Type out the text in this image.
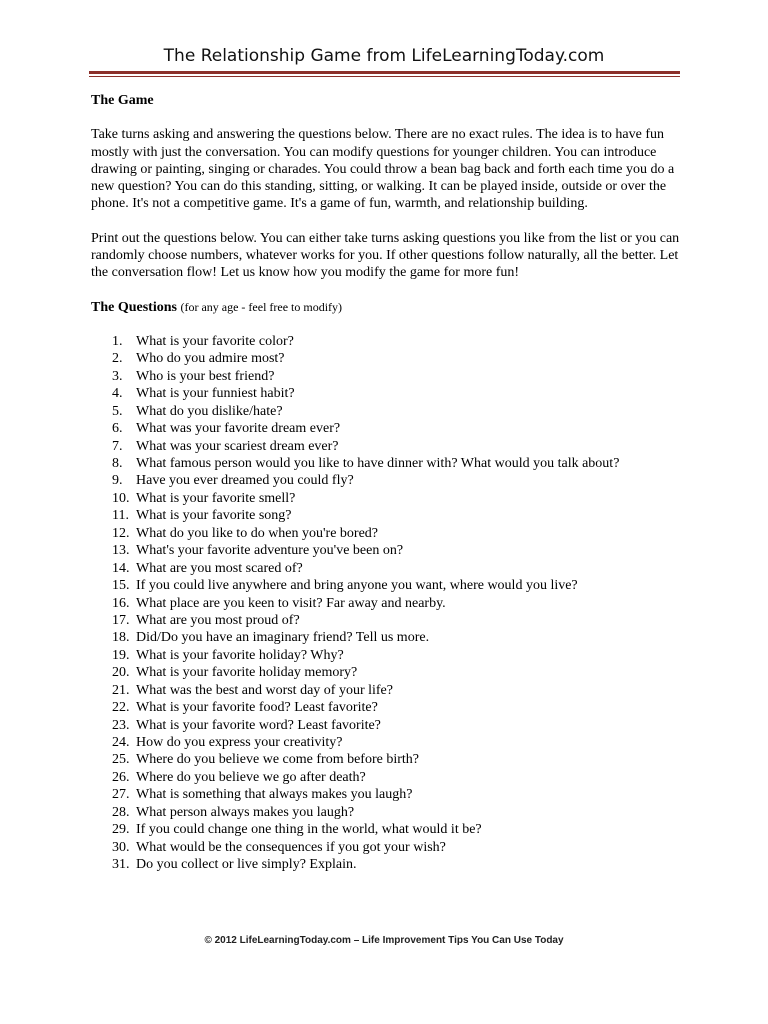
The Relationship Game from LifeLearningToday.com

The Game

Take turns asking and answering the questions below. There are no exact rules. The idea is to have fun mostly with just the conversation. You can modify questions for younger children. You can introduce drawing or painting, singing or charades. You could throw a bean bag back and forth each time you do a new question? You can do this standing, sitting, or walking. It can be played inside, outside or over the phone. It's not a competitive game. It's a game of fun, warmth, and relationship building.

Print out the questions below. You can either take turns asking questions you like from the list or you can randomly choose numbers, whatever works for you. If other questions follow naturally, all the better. Let the conversation flow! Let us know how you modify the game for more fun!

The Questions (for any age - feel free to modify)

1. What is your favorite color?
2. Who do you admire most?
3. Who is your best friend?
4. What is your funniest habit?
5. What do you dislike/hate?
6. What was your favorite dream ever?
7. What was your scariest dream ever?
8. What famous person would you like to have dinner with? What would you talk about?
9. Have you ever dreamed you could fly?
10. What is your favorite smell?
11. What is your favorite song?
12. What do you like to do when you're bored?
13. What's your favorite adventure you've been on?
14. What are you most scared of?
15. If you could live anywhere and bring anyone you want, where would you live?
16. What place are you keen to visit? Far away and nearby.
17. What are you most proud of?
18. Did/Do you have an imaginary friend? Tell us more.
19. What is your favorite holiday? Why?
20. What is your favorite holiday memory?
21. What was the best and worst day of your life?
22. What is your favorite food? Least favorite?
23. What is your favorite word? Least favorite?
24. How do you express your creativity?
25. Where do you believe we come from before birth?
26. Where do you believe we go after death?
27. What is something that always makes you laugh?
28. What person always makes you laugh?
29. If you could change one thing in the world, what would it be?
30. What would be the consequences if you got your wish?
31. Do you collect or live simply? Explain.
© 2012 LifeLearningToday.com – Life Improvement Tips You Can Use Today
